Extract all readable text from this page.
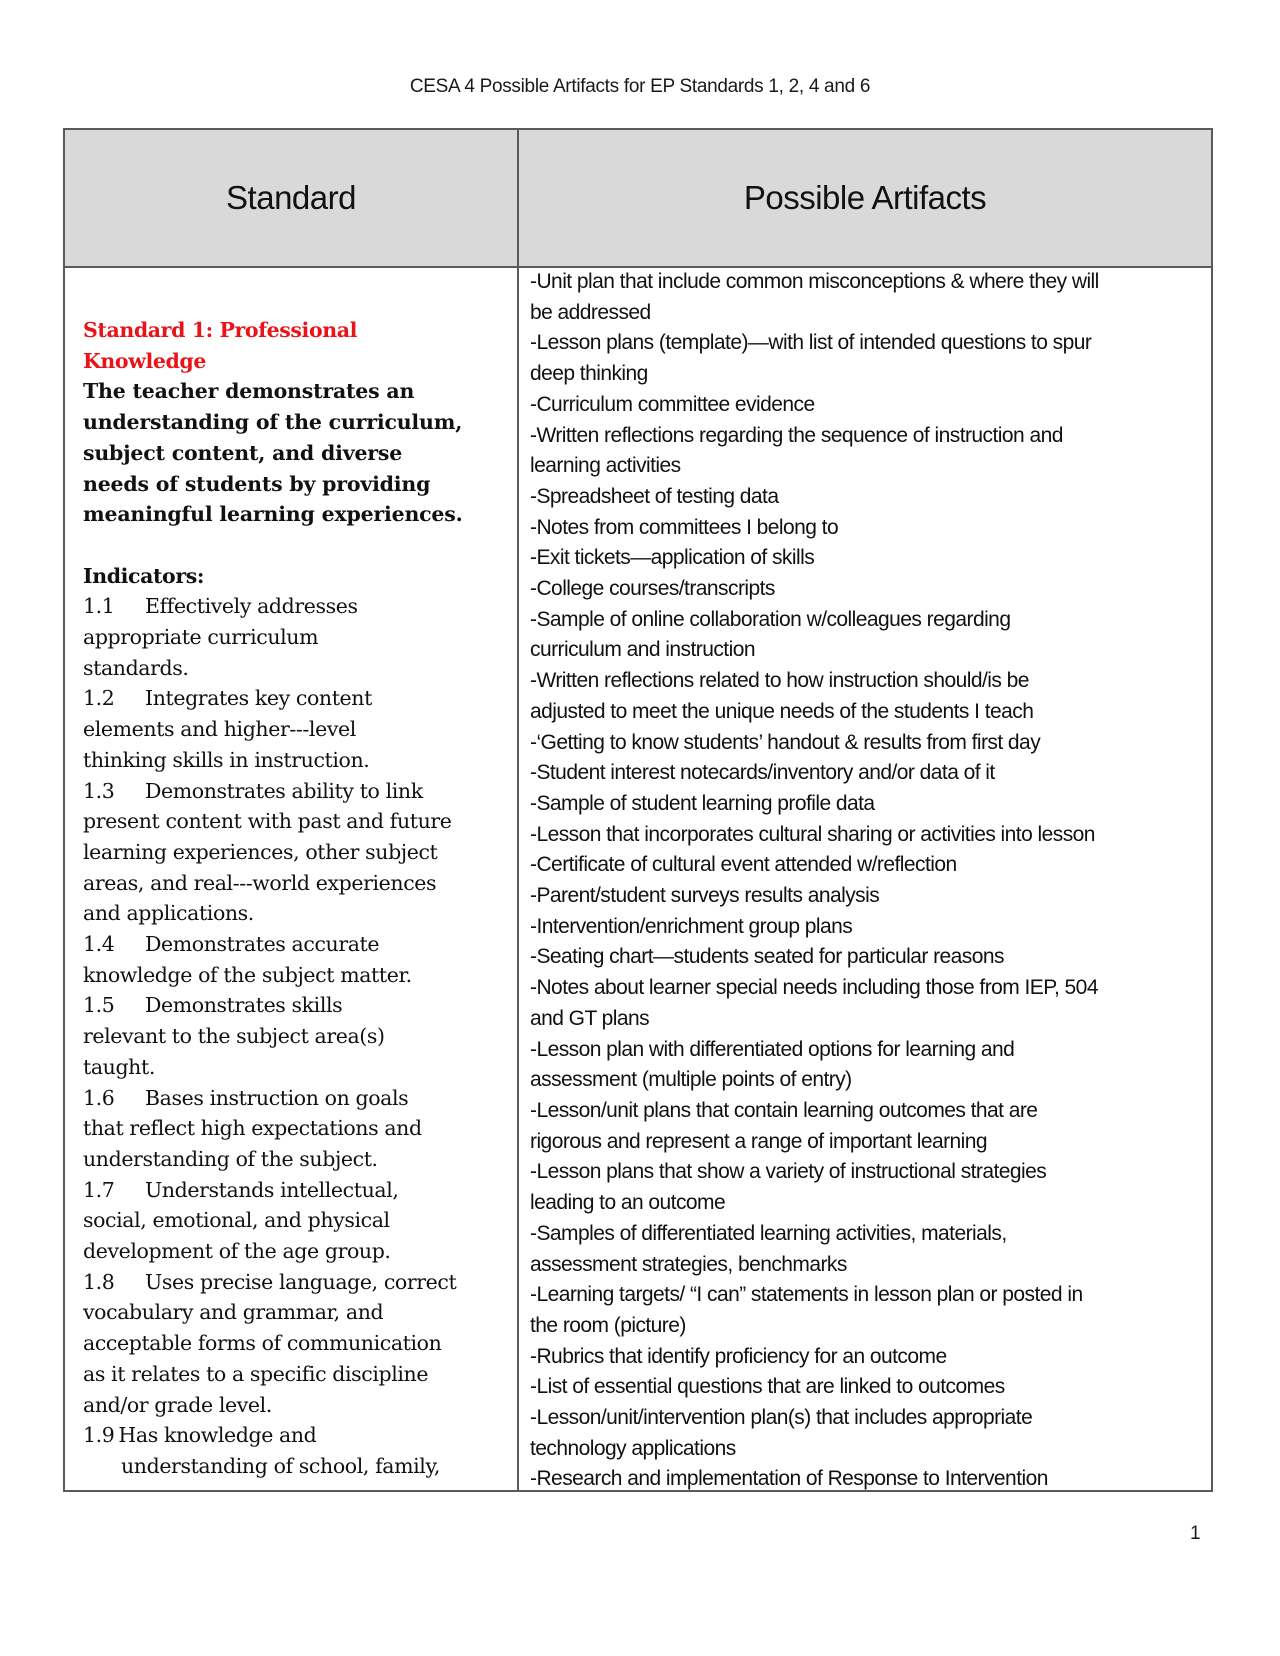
CESA 4 Possible Artifacts for EP Standards 1, 2, 4 and 6
Standard	Possible Artifacts
Standard 1: Professional
Knowledge
The teacher demonstrates an
understanding of the curriculum,
subject content, and diverse
needs of students by providing
meaningful learning experiences.
Indicators:
1.1 Effectively addresses
appropriate curriculum
standards.
1.2 Integrates key content
elements and higher---level
thinking skills in instruction.
1.3 Demonstrates ability to link
present content with past and future
learning experiences, other subject
areas, and real---world experiences
and applications.
1.4 Demonstrates accurate
knowledge of the subject matter.
1.5 Demonstrates skills
relevant to the subject area(s)
taught.
1.6 Bases instruction on goals
that reflect high expectations and
understanding of the subject.
1.7 Understands intellectual,
social, emotional, and physical
development of the age group.
1.8 Uses precise language, correct
vocabulary and grammar, and
acceptable forms of communication
as it relates to a specific discipline
and/or grade level.
1.9 Has knowledge and
understanding of school, family,
-Unit plan that include common misconceptions & where they will
be addressed
-Lesson plans (template)—with list of intended questions to spur
deep thinking
-Curriculum committee evidence
-Written reflections regarding the sequence of instruction and
learning activities
-Spreadsheet of testing data
-Notes from committees I belong to
-Exit tickets—application of skills
-College courses/transcripts
-Sample of online collaboration w/colleagues regarding
curriculum and instruction
-Written reflections related to how instruction should/is be
adjusted to meet the unique needs of the students I teach
-‘Getting to know students’ handout & results from first day
-Student interest notecards/inventory and/or data of it
-Sample of student learning profile data
-Lesson that incorporates cultural sharing or activities into lesson
-Certificate of cultural event attended w/reflection
-Parent/student surveys results analysis
-Intervention/enrichment group plans
-Seating chart—students seated for particular reasons
-Notes about learner special needs including those from IEP, 504
and GT plans
-Lesson plan with differentiated options for learning and
assessment (multiple points of entry)
-Lesson/unit plans that contain learning outcomes that are
rigorous and represent a range of important learning
-Lesson plans that show a variety of instructional strategies
leading to an outcome
-Samples of differentiated learning activities, materials,
assessment strategies, benchmarks
-Learning targets/ “I can” statements in lesson plan or posted in
the room (picture)
-Rubrics that identify proficiency for an outcome
-List of essential questions that are linked to outcomes
-Lesson/unit/intervention plan(s) that includes appropriate
technology applications
-Research and implementation of Response to Intervention
1
